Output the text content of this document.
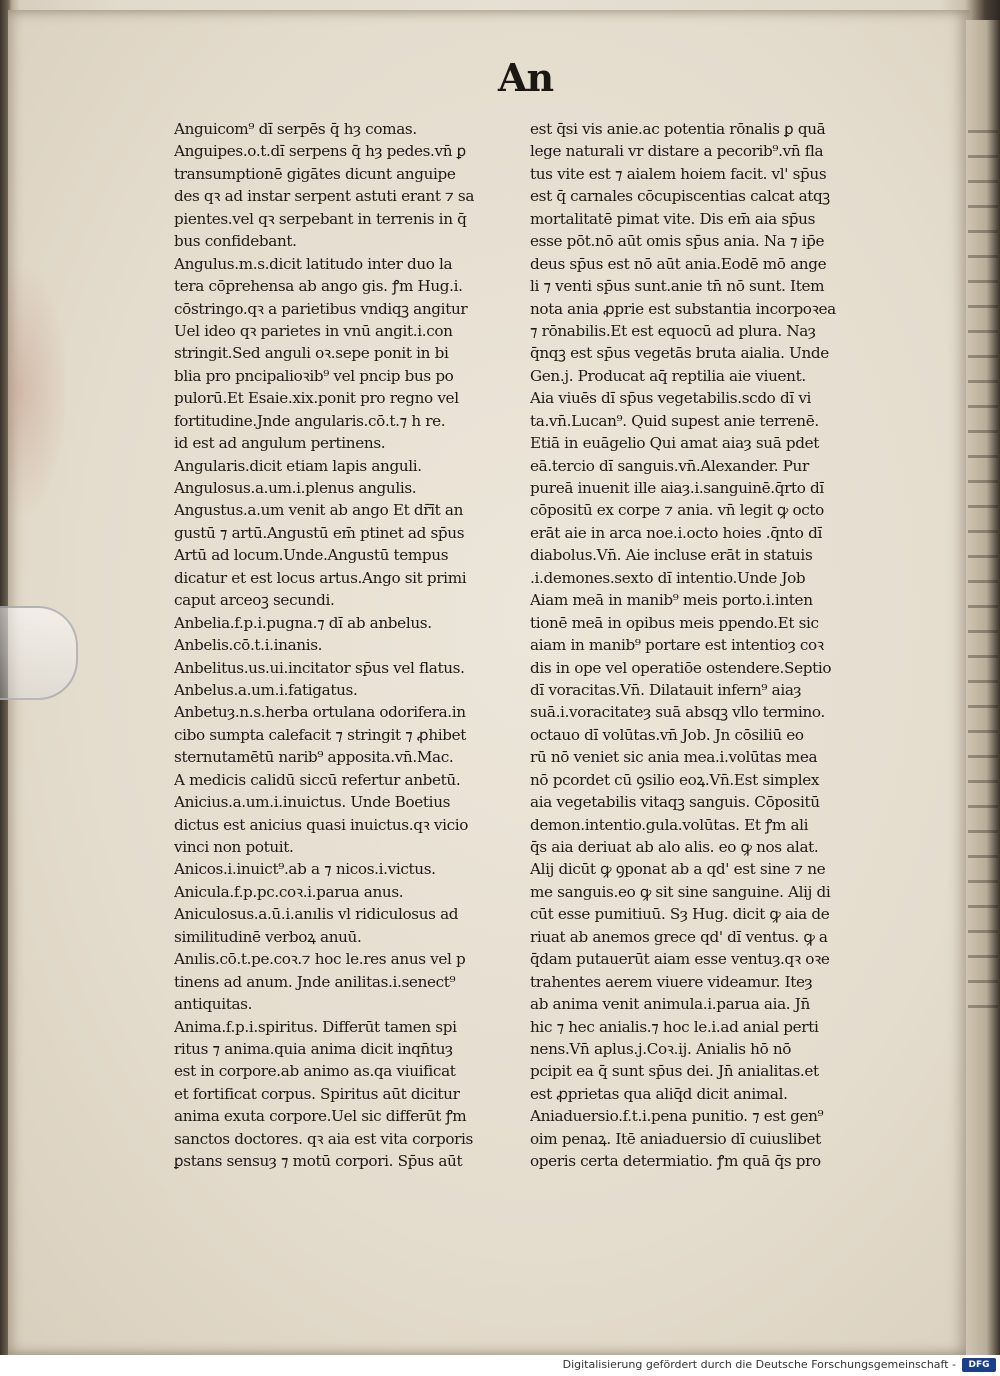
An
Anguicom⁹ dı̄ serpēs q̄ hȝ comas.
Anguipes.o.t.dı̄ serpens q̄ hȝ pedes.vn̄ ꝑ
transumptionē gigātes dicunt anguipe
des qꝛ ad instar serpent astuti erant ⁊ sa
pientes.vel qꝛ serpebant in terrenis in q̄
bus confidebant.
Angulus.m.s.dicit latitudo inter duo la
tera cōprehensa ab ango gis. ꝭm Hug.i.
cōstringo.qꝛ a parietibus vndiqꝫ angitur
Uel ideo qꝛ parietes in vnū angit.i.con
stringit.Sed anguli oꝛ.sepe ponit in bi
blia pro pncipalioꝛib⁹ vel pncip bus po
pulorū.Et Esaie.xix.ponit pro regno vel
fortitudine.Jnde angularis.cō.t.⁊ h re.
id est ad angulum pertinens.
Angularis.dicit etiam lapis anguli.
Angulosus.a.um.i.plenus angulis.
Angustus.a.um venit ab ango Et dr̄īt an
gustū ⁊ artū.Angustū em̄ ptinet ad sp̄us
Artū ad locum.Unde.Angustū tempus
dicatur et est locus artus.Ango sit primi
caput arceoꝫ secundi.
Anbelia.f.p.i.pugna.⁊ dı̄ ab anbelus.
Anbelis.cō.t.i.inanis.
Anbelitus.us.ui.incitator sp̄us vel flatus.
Anbelus.a.um.i.fatigatus.
Anbetuȝ.n.s.herba ortulana odorifera.in
cibo sumpta calefacit ⁊ stringit ⁊ ꝓhibet
sternutamētū narib⁹ apposita.vn̄.Mac.
A medicis calidū siccū refertur anbetū.
Anicius.a.um.i.inuictus. Unde Boetius
dictus est anicius quasi inuictus.qꝛ vicio
vinci non potuit.
Anicos.i.inuict⁹.ab a ⁊ nicos.i.victus.
Anicula.f.p.pc.coꝛ.i.parua anus.
Aniculosus.a.ū.i.anılis vl ridiculosus ad
similitudinē verboꝝ anuū.
Anılis.cō.t.pe.coꝛ.⁊ hoc le.res anus vel p
tinens ad anum. Jnde anilitas.i.senect⁹
antiquitas.
Anima.f.p.i.spiritus. Differūt tamen spi
ritus ⁊ anima.quia anima dicit inqn̄tuȝ
est in corpore.ab animo as.qa viuificat
et fortificat corpus. Spiritus aūt dicitur
anima exuta corpore.Uel sic differūt ꝭm
sanctos doctores. qꝛ aia est vita corporis
ꝑstans sensuȝ ⁊ motū corpori. Sp̄us aūt
est q̄si vis anie.ac potentia rōnalis ꝑ quā
lege naturali vr distare a pecorib⁹.vn̄ fla
tus vite est ⁊ aialem hoiem facit. vl' sp̄us
est q̄ carnales cōcupiscentias calcat atqꝫ
mortalitatē pimat vite. Dis em̄ aia sp̄us
esse pōt.nō aūt omis sp̄us ania. Na ⁊ ip̄e
deus sp̄us est nō aūt ania.Eodē mō ange
li ⁊ venti sp̄us sunt.anie tn̄ nō sunt. Item
nota ania ꝓprie est substantia incorpoꝛea
⁊ rōnabilis.Et est equocū ad plura. Naȝ
q̄nqꝫ est sp̄us vegetās bruta aialia. Unde
Gen.j. Producat aq̄ reptilia aie viuent.
Aia viuēs dı̄ sp̄us vegetabilis.scdo dı̄ vi
ta.vn̄.Lucan⁹. Quid supest anie terrenē.
Etiā in euāgelio Qui amat aiaȝ suā pdet
eā.tercio dı̄ sanguis.vn̄.Alexander. Pur
pureā inuenit ille aiaȝ.i.sanguinē.q̄rto dı̄
cōpositū ex corpe ⁊ ania. vn̄ legit ꝙ octo
erāt aie in arca noe.i.octo hoies .q̄nto dı̄
diabolus.Vn̄. Aie incluse erāt in statuis
.i.demones.sexto dı̄ intentio.Unde Job
Aiam meā in manib⁹ meis porto.i.inten
tionē meā in opibus meis ppendo.Et sic
aiam in manib⁹ portare est intentioȝ coꝛ
dis in ope vel operatiōe ostendere.Septio
dı̄ voracitas.Vn̄. Dilatauit infern⁹ aiaȝ
suā.i.voracitateȝ suā absqꝫ vllo termino.
octauo dı̄ volūtas.vn̄ Job. Jn cōsiliū eo
rū nō veniet sic ania mea.i.volūtas mea
nō pcordet cū ꝯsilio eoꝝ.Vn̄.Est simplex
aia vegetabilis vitaqꝫ sanguis. Cōpositū
demon.intentio.gula.volūtas. Et ꝭm ali
q̄s aia deriuat ab alo alis. eo ꝙ nos alat.
Alij dicūt ꝙ ꝯponat ab a qd' est sine ⁊ ne
me sanguis.eo ꝙ sit sine sanguine. Alij di
cūt esse pumitiuū. Sȝ Hug. dicit ꝙ aia de
riuat ab anemos grece qd' dı̄ ventus. ꝙ a
q̄dam putauerūt aiam esse ventuȝ.qꝛ oꝛe
trahentes aerem viuere videamur. Iteȝ
ab anima venit animula.i.parua aia. Jn̄
hic ⁊ hec anialis.⁊ hoc le.i.ad anial perti
nens.Vn̄ aplus.j.Coꝛ.ij. Anialis hō nō
pcipit ea q̄ sunt sp̄us dei. Jn̄ anialitas.et
est ꝓprietas qua aliq̄d dicit animal.
Aniaduersio.f.t.i.pena punitio. ⁊ est gen⁹
oim penaꝝ. Itē aniaduersio dı̄ cuiuslibet
operis certa determiatio. ꝭm quā q̄s pro
Digitalisierung gefördert durch die Deutsche Forschungsgemeinschaft -	DFG
